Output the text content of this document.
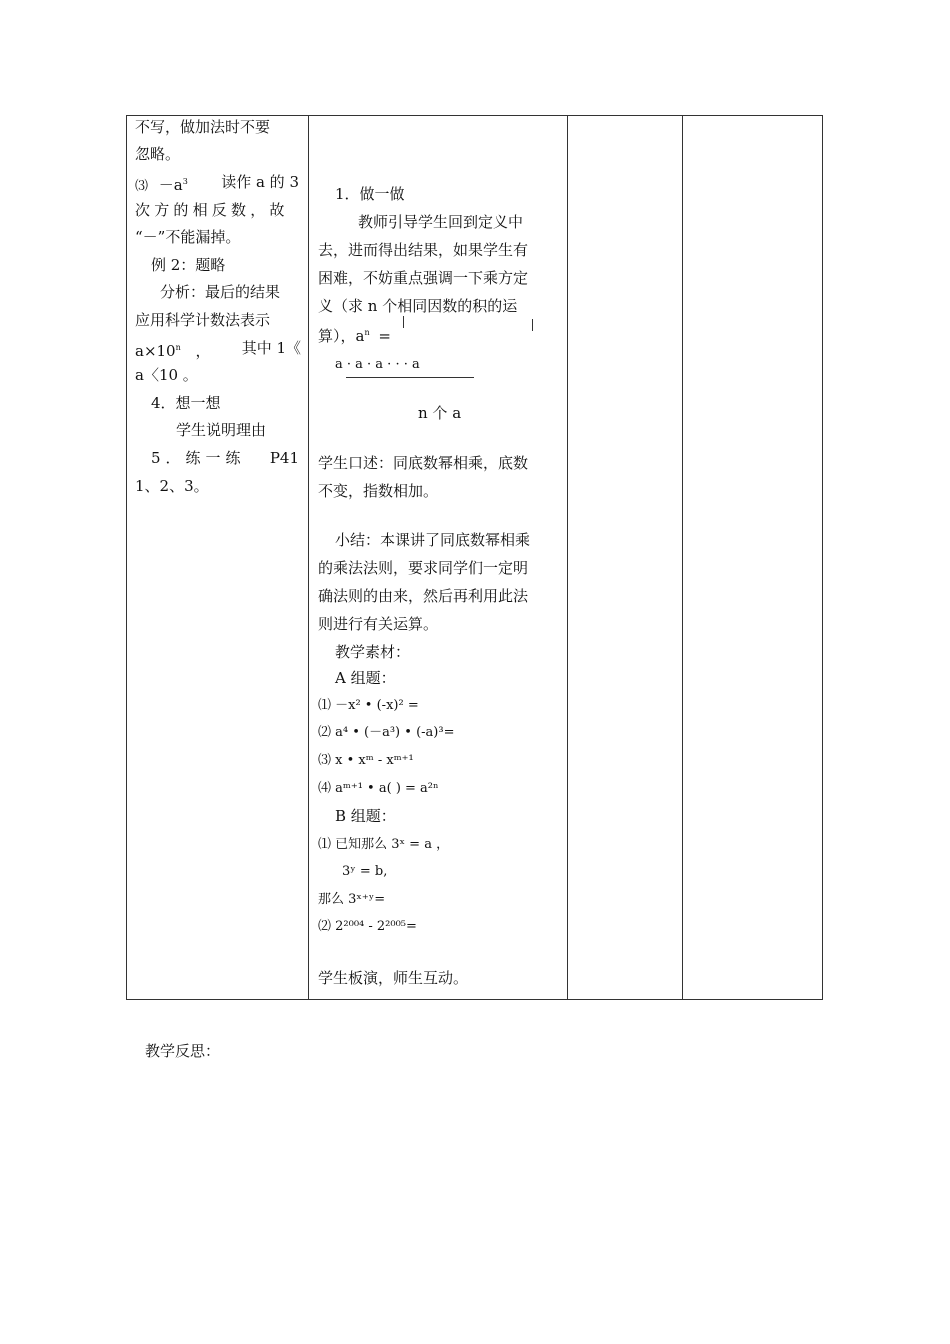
不写，做加法时不要
忽略。
⑶ $-a^3$ 读作 a 的 3
次方的相反数，故
“－”不能漏掉。
例 2：题略
分析：最后的结果
应用科学计数法表示
$a\times 10^n$ ， 其中 1《
a〈10 。
4．想一想
学生说明理由
5．练一练 P41
1、2、3。

1．做一做
教师引导学生回到定义中
去，进而得出结果，如果学生有
困难，不妨重点强调一下乘方定
义（求 n 个相同因数的积的运
算），$a^n$ =
a · a · a · · · a
n 个 a
学生口述：同底数幂相乘，底数
不变，指数相加。
小结：本课讲了同底数幂相乘
的乘法法则，要求同学们一定明
确法则的由来，然后再利用此法
则进行有关运算。
教学素材：
A 组题：
⑴ －x² • (-x)² =
⑵ a⁴ • (－a³) • (-a)³=
⑶ x • xᵐ - xᵐ⁺¹
⑷ aᵐ⁺¹ • a( ) = a²ⁿ
B 组题：
⑴ 已知那么 3ˣ = a ，
3ʸ = b,
那么 3ˣ⁺ʸ=
⑵ 2²⁰⁰⁴ - 2²⁰⁰⁵=
学生板演，师生互动。

教学反思：
